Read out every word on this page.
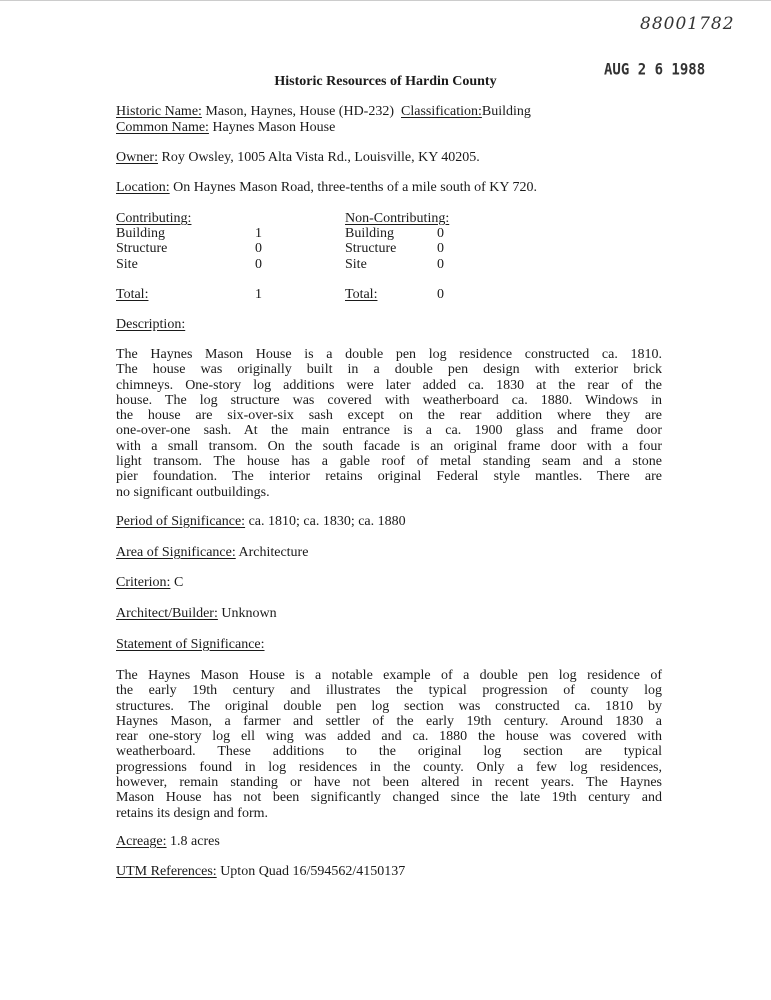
88001782
AUG 2 6 1988
Historic Resources of Hardin County
Historic Name: Mason, Haynes, House (HD-232) Classification:Building
Common Name: Haynes Mason House
Owner: Roy Owsley, 1005 Alta Vista Rd., Louisville, KY 40205.
Location: On Haynes Mason Road, three-tenths of a mile south of KY 720.
Contributing:	Non-Contributing:
Building	1	Building	0
Structure	0	Structure	0
Site	0	Site	0
Total:	1	Total:	0
Description:
The Haynes Mason House is a double pen log residence constructed ca. 1810.
The house was originally built in a double pen design with exterior brick
chimneys. One-story log additions were later added ca. 1830 at the rear of the
house. The log structure was covered with weatherboard ca. 1880. Windows in
the house are six-over-six sash except on the rear addition where they are
one-over-one sash. At the main entrance is a ca. 1900 glass and frame door
with a small transom. On the south facade is an original frame door with a four
light transom. The house has a gable roof of metal standing seam and a stone
pier foundation. The interior retains original Federal style mantles. There are
no significant outbuildings.
Period of Significance: ca. 1810; ca. 1830; ca. 1880
Area of Significance: Architecture
Criterion: C
Architect/Builder: Unknown
Statement of Significance:
The Haynes Mason House is a notable example of a double pen log residence of
the early 19th century and illustrates the typical progression of county log
structures. The original double pen log section was constructed ca. 1810 by
Haynes Mason, a farmer and settler of the early 19th century. Around 1830 a
rear one-story log ell wing was added and ca. 1880 the house was covered with
weatherboard. These additions to the original log section are typical
progressions found in log residences in the county. Only a few log residences,
however, remain standing or have not been altered in recent years. The Haynes
Mason House has not been significantly changed since the late 19th century and
retains its design and form.
Acreage: 1.8 acres
UTM References: Upton Quad 16/594562/4150137
